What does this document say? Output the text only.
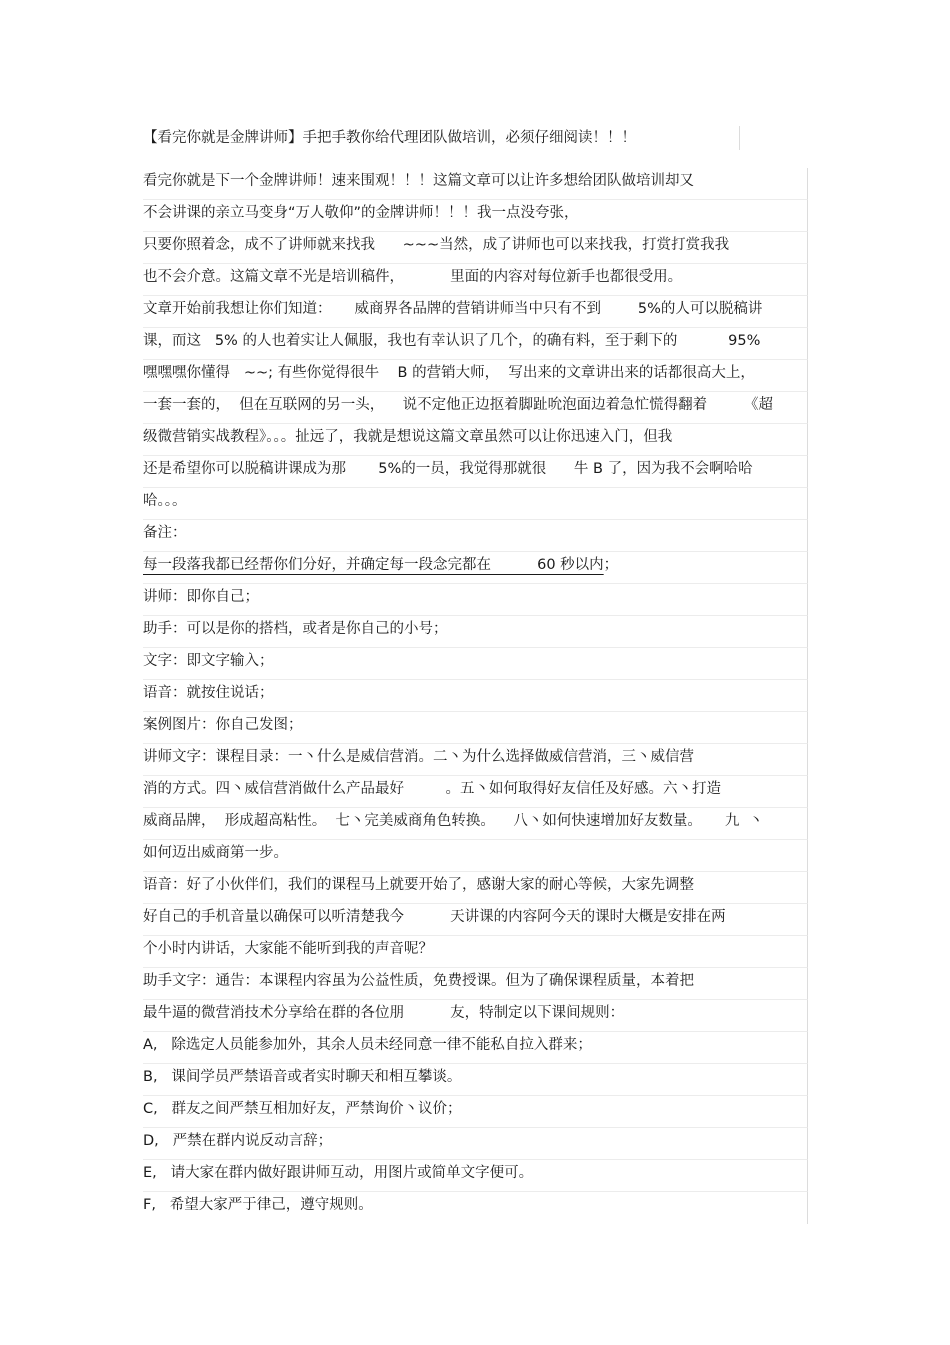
【看完你就是金牌讲师】手把手教你给代理团队做培训，必须仔细阅读！！！
看完你就是下一个金牌讲师！速来围观！！！这篇文章可以让许多想给团队做培训却又
不会讲课的亲立马变身“万人敬仰”的金牌讲师！！！我一点没夸张，
只要你照着念，成不了讲师就来找我      ~~~当然，成了讲师也可以来找我，打赏打赏我我
也不会介意。这篇文章不光是培训稿件，          里面的内容对每位新手也都很受用。
文章开始前我想让你们知道：     威商界各品牌的营销讲师当中只有不到        5%的人可以脱稿讲
课，而这   5% 的人也着实让人佩服，我也有幸认识了几个，的确有料，至于剩下的           95%
嘿嘿嘿你懂得   ~~; 有些你觉得很牛    B 的营销大师，  写出来的文章讲出来的话都很高大上，
一套一套的，  但在互联网的另一头，    说不定他正边抠着脚趾吮泡面边着急忙慌得翻着        《超
级微营销实战教程》。。。扯远了，我就是想说这篇文章虽然可以让你迅速入门，但我
还是希望你可以脱稿讲课成为那       5%的一员，我觉得那就很      牛 B 了，因为我不会啊哈哈
哈。。。
备注：
每一段落我都已经帮你们分好，并确定每一段念完都在          60 秒以内；
讲师：即你自己；
助手：可以是你的搭档，或者是你自己的小号；
文字：即文字输入；
语音：就按住说话；
案例图片：你自己发图；
讲师文字：课程目录：一丶什么是威信营消。二丶为什么选择做威信营消，三丶威信营
消的方式。四丶威信营消做什么产品最好         。五丶如何取得好友信任及好感。六丶打造
威商品牌，  形成超高粘性。  七丶完美威商角色转换。    八丶如何快速增加好友数量。     九  丶
如何迈出威商第一步。
语音：好了小伙伴们，我们的课程马上就要开始了，感谢大家的耐心等候，大家先调整
好自己的手机音量以确保可以听清楚我今          天讲课的内容阿今天的课时大概是安排在两
个小时内讲话，大家能不能听到我的声音呢？
助手文字：通告：本课程内容虽为公益性质，免费授课。但为了确保课程质量，本着把
最牛逼的微营消技术分享给在群的各位朋          友，特制定以下课间规则：
A,   除选定人员能参加外，其余人员未经同意一律不能私自拉入群来；
B,   课间学员严禁语音或者实时聊天和相互攀谈。
C,   群友之间严禁互相加好友，严禁询价丶议价；
D,   严禁在群内说反动言辞；
E,   请大家在群内做好跟讲师互动，用图片或简单文字便可。
F,   希望大家严于律己，遵守规则。
